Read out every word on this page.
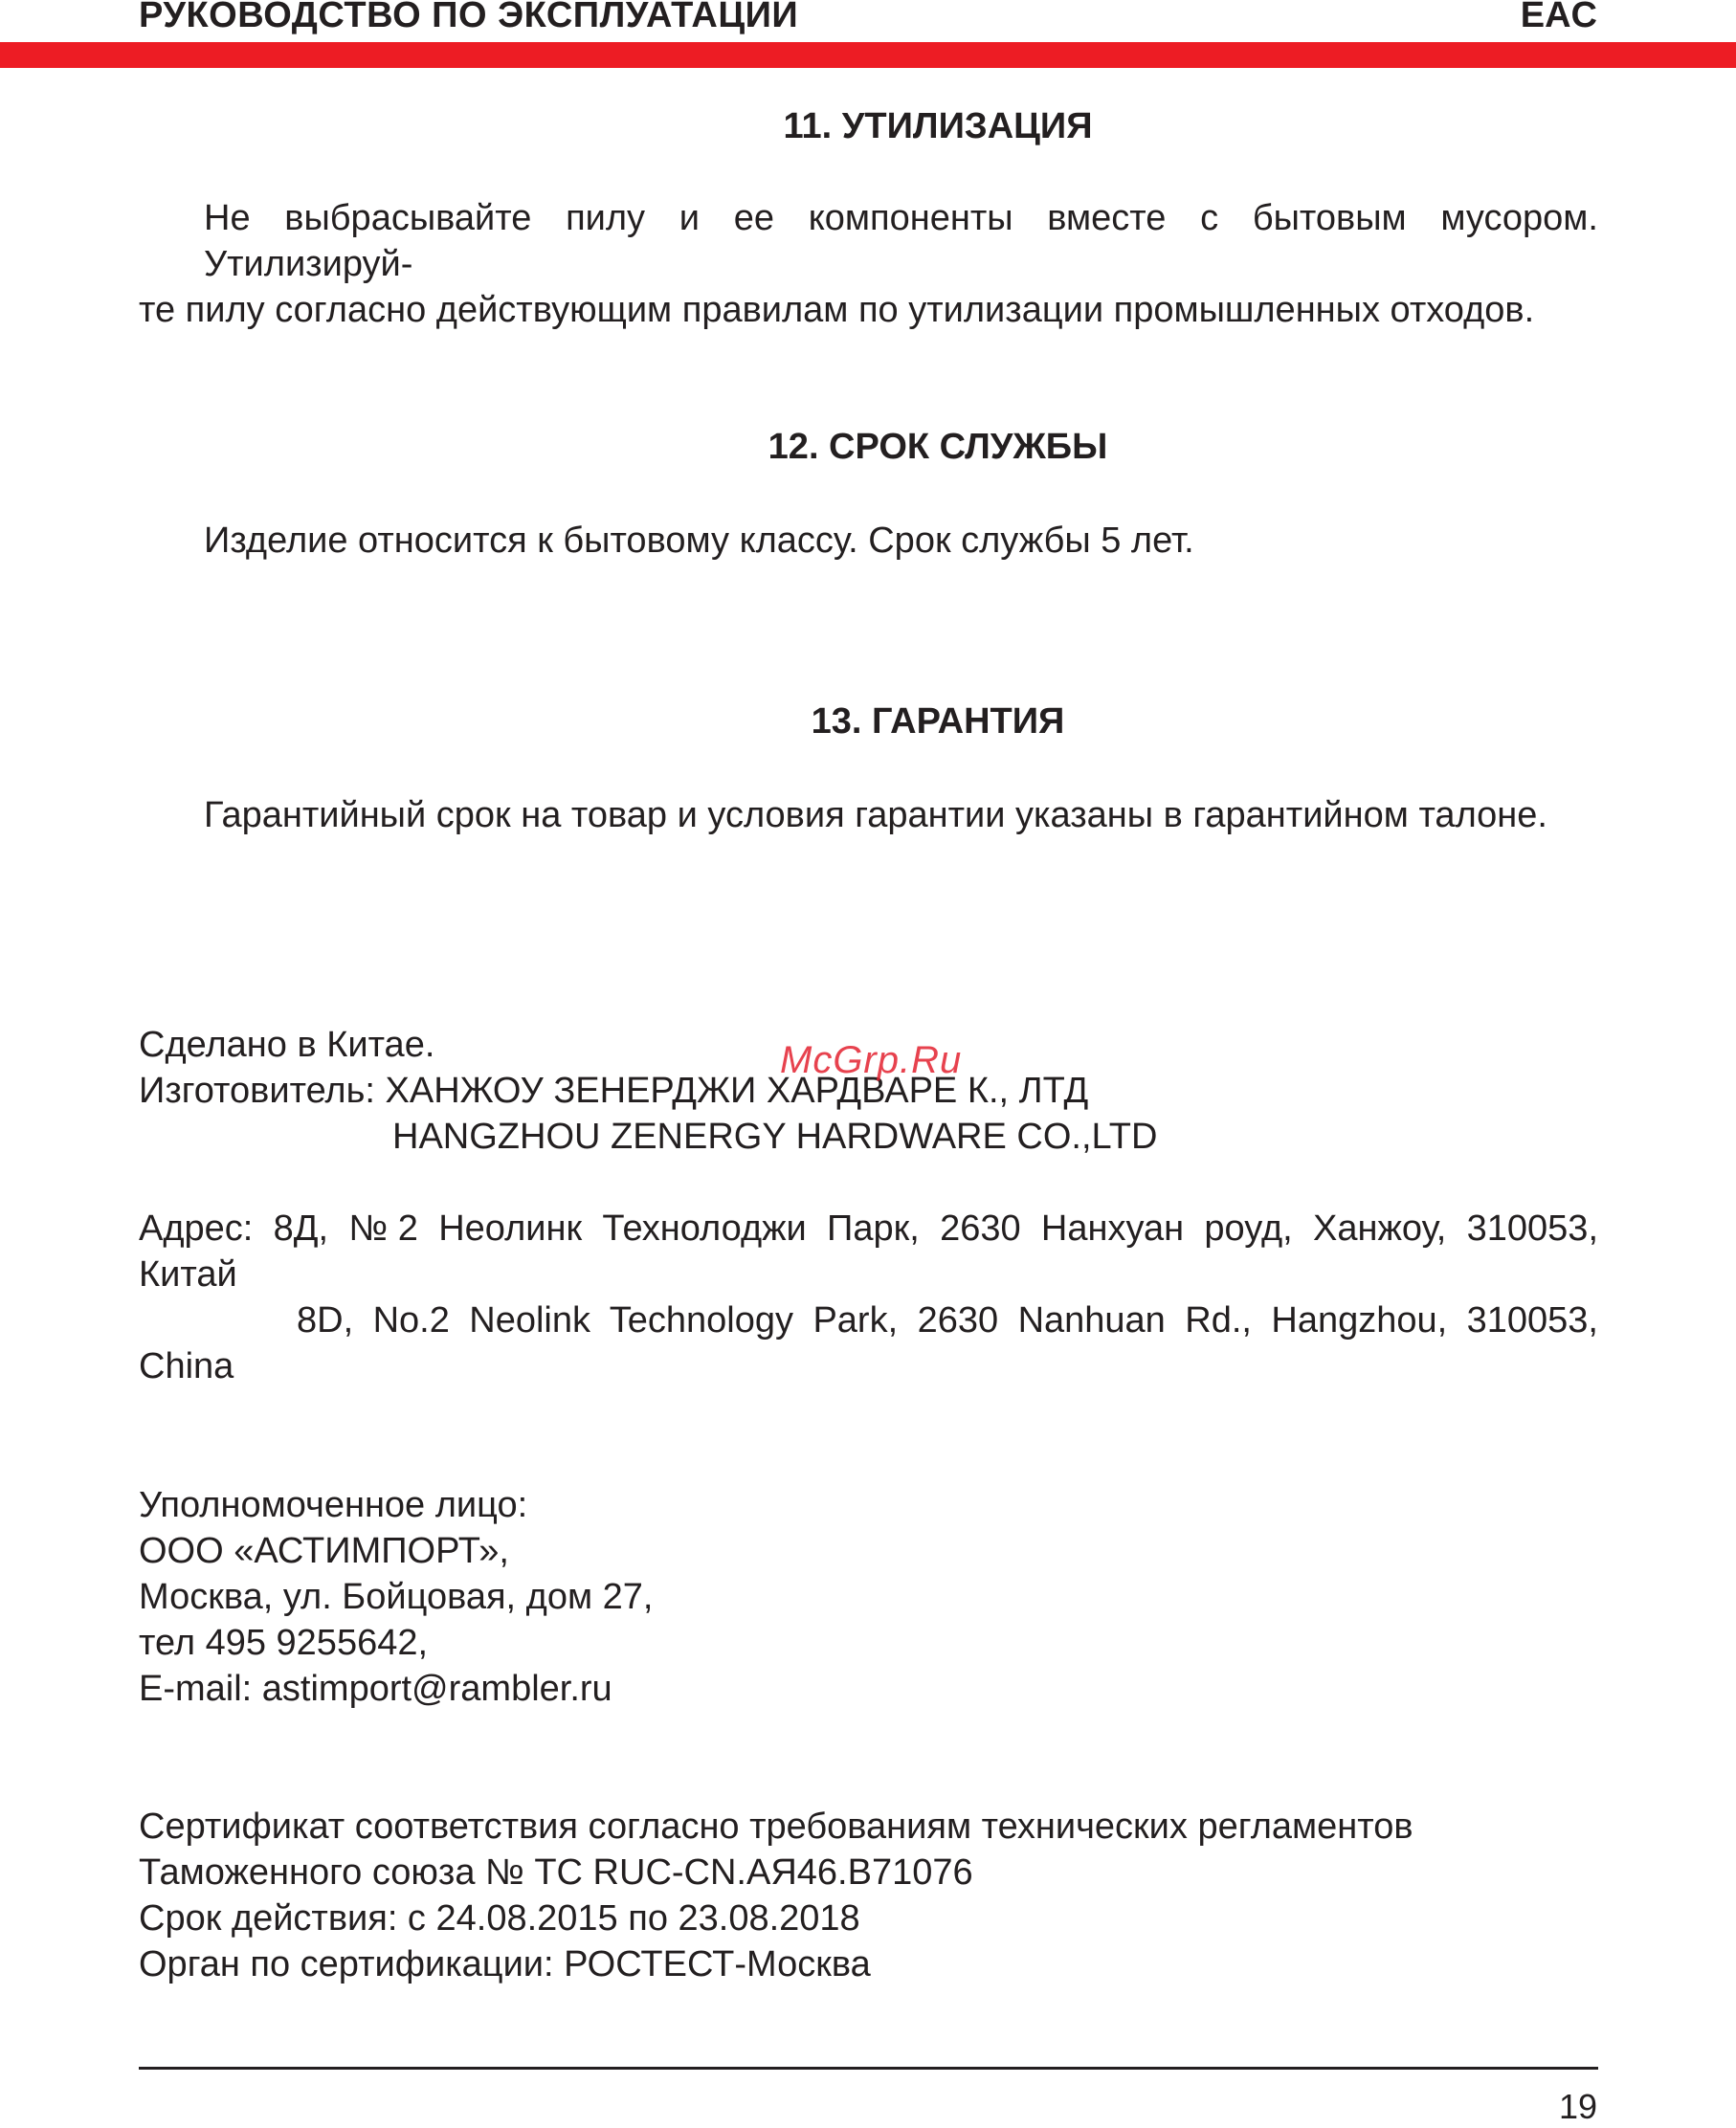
РУКОВОДСТВО ПО ЭКСПЛУАТАЦИИ	EAC
11. УТИЛИЗАЦИЯ
Не выбрасывайте пилу и ее компоненты вместе с бытовым мусором. Утилизируй-
те пилу согласно действующим правилам по утилизации промышленных отходов.
12. СРОК СЛУЖБЫ
Изделие относится к бытовому классу. Срок службы 5 лет.
13. ГАРАНТИЯ
Гарантийный срок на товар и условия гарантии указаны в гарантийном талоне.
Сделано в Китае.
Изготовитель: ХАНЖОУ ЗЕНЕРДЖИ ХАРДВАРЕ К., ЛТД
HANGZHOU ZENERGY HARDWARE CO.,LTD
McGrp.Ru
Адрес: 8Д, №2 Неолинк Технолоджи Парк, 2630 Нанхуан роуд, Ханжоу, 310053,
Китай
8D, No.2 Neolink Technology Park, 2630 Nanhuan Rd., Hangzhou, 310053,
China
Уполномоченное лицо:
ООО «АСТИМПОРТ»,
Москва, ул. Бойцовая, дом 27,
тел 495 9255642,
E-mail: astimport@rambler.ru
Сертификат соответствия согласно требованиям технических регламентов
Таможенного союза № ТС RUC-CN.АЯ46.В71076
Срок действия: с 24.08.2015 по 23.08.2018
Орган по сертификации: РОСТЕСТ-Москва
19
